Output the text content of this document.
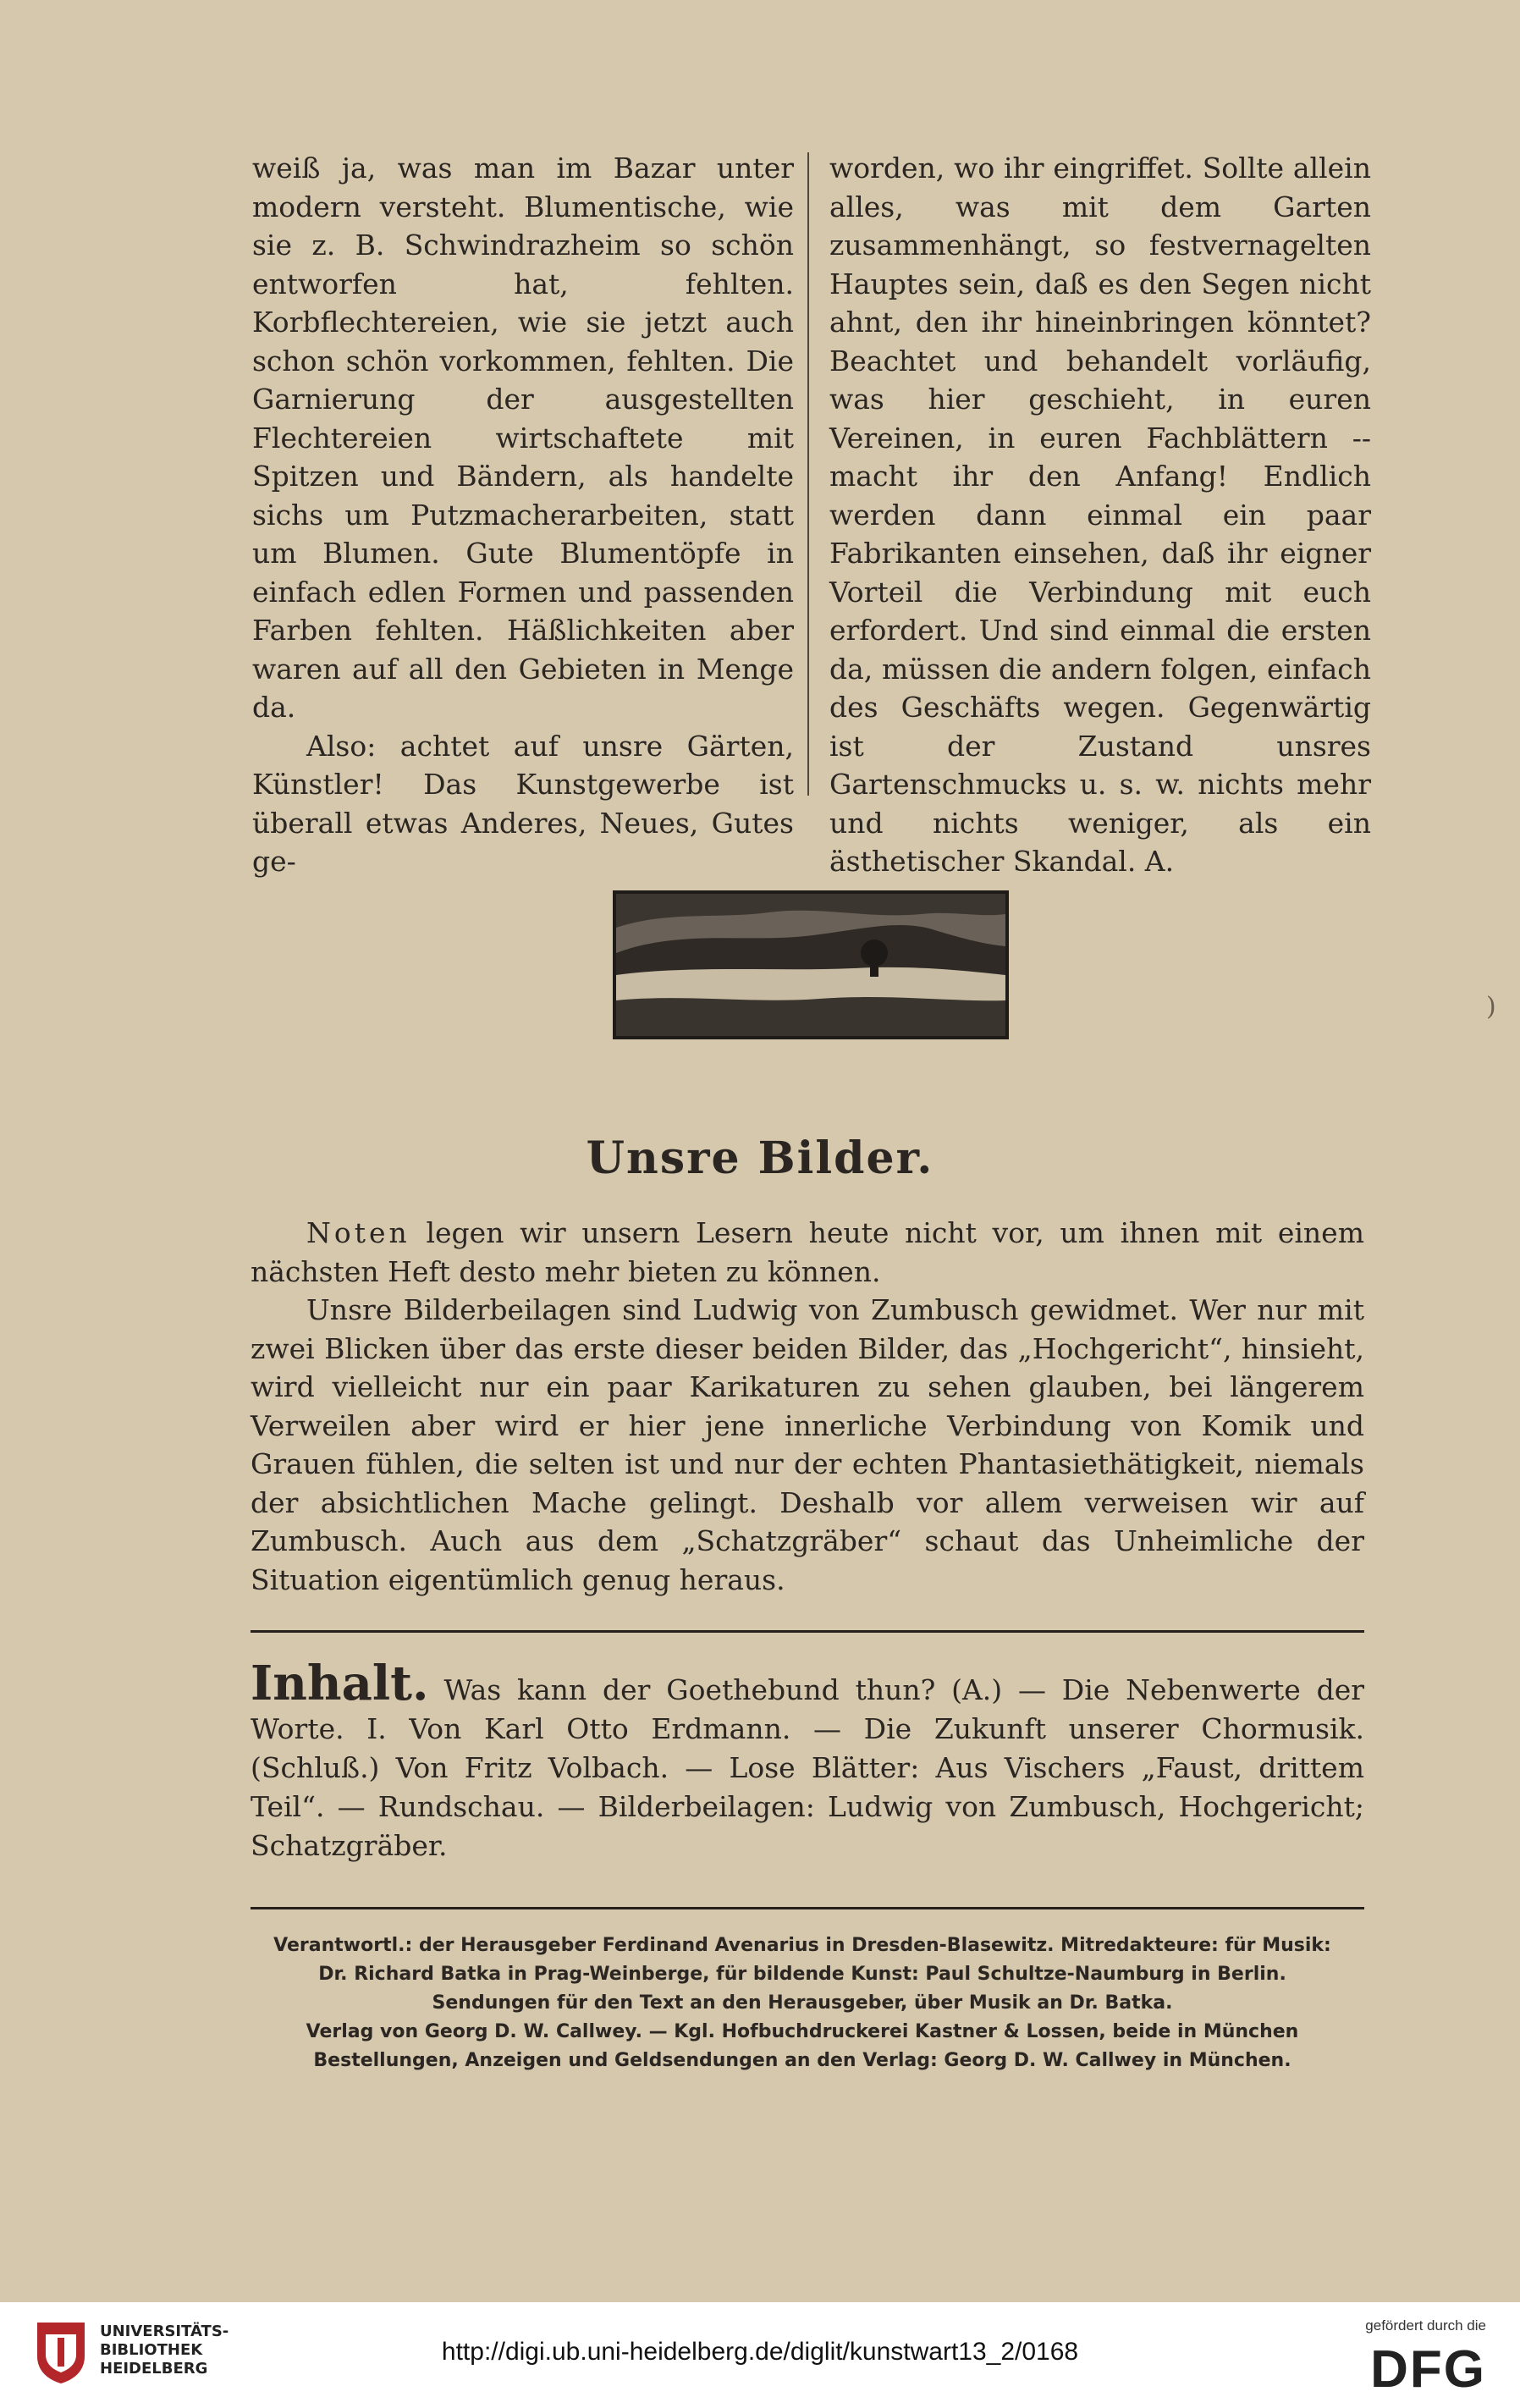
weiß ja, was man im Bazar unter modern versteht. Blumentische, wie sie z. B. Schwindrazheim so schön entworfen hat, fehlten. Korbflechtereien, wie sie jetzt auch schon schön vorkommen, fehlten. Die Garnierung der ausgestellten Flechtereien wirtschaftete mit Spitzen und Bändern, als handelte sichs um Putzmacherarbeiten, statt um Blumen. Gute Blumentöpfe in einfach edlen Formen und passenden Farben fehlten. Häßlichkeiten aber waren auf all den Gebieten in Menge da.

Also: achtet auf unsre Gärten, Künstler! Das Kunstgewerbe ist überall etwas Anderes, Neues, Gutes ge-

worden, wo ihr eingriffet. Sollte allein alles, was mit dem Garten zusammenhängt, so festvernagelten Hauptes sein, daß es den Segen nicht ahnt, den ihr hineinbringen könntet? Beachtet und behandelt vorläufig, was hier geschieht, in euren Vereinen, in euren Fachblättern -- macht ihr den Anfang! Endlich werden dann einmal ein paar Fabrikanten einsehen, daß ihr eigner Vorteil die Verbindung mit euch erfordert. Und sind einmal die ersten da, müssen die andern folgen, einfach des Geschäfts wegen. Gegenwärtig ist der Zustand unsres Gartenschmucks u. s. w. nichts mehr und nichts weniger, als ein ästhetischer Skandal. A.

Unsre Bilder.

Noten legen wir unsern Lesern heute nicht vor, um ihnen mit einem nächsten Heft desto mehr bieten zu können.

Unsre Bilderbeilagen sind Ludwig von Zumbusch gewidmet. Wer nur mit zwei Blicken über das erste dieser beiden Bilder, das „Hochgericht“, hinsieht, wird vielleicht nur ein paar Karikaturen zu sehen glauben, bei längerem Verweilen aber wird er hier jene innerliche Verbindung von Komik und Grauen fühlen, die selten ist und nur der echten Phantasiethätigkeit, niemals der absichtlichen Mache gelingt. Deshalb vor allem verweisen wir auf Zumbusch. Auch aus dem „Schatzgräber“ schaut das Unheimliche der Situation eigentümlich genug heraus.

Inhalt. Was kann der Goethebund thun? (A.) — Die Nebenwerte der Worte. I. Von Karl Otto Erdmann. — Die Zukunft unserer Chormusik. (Schluß.) Von Fritz Volbach. — Lose Blätter: Aus Vischers „Faust, drittem Teil“. — Rundschau. — Bilderbeilagen: Ludwig von Zumbusch, Hochgericht; Schatzgräber.
Verantwortl.: der Herausgeber Ferdinand Avenarius in Dresden-Blasewitz. Mitredakteure: für Musik:
Dr. Richard Batka in Prag-Weinberge, für bildende Kunst: Paul Schultze-Naumburg in Berlin.
Sendungen für den Text an den Herausgeber, über Musik an Dr. Batka.
Verlag von Georg D. W. Callwey. — Kgl. Hofbuchdruckerei Kastner & Lossen, beide in München
Bestellungen, Anzeigen und Geldsendungen an den Verlag: Georg D. W. Callwey in München.
)
UNIVERSITÄTS-
BIBLIOTHEK
HEIDELBERG
http://digi.ub.uni-heidelberg.de/diglit/kunstwart13_2/0168
gefördert durch die
DFG
